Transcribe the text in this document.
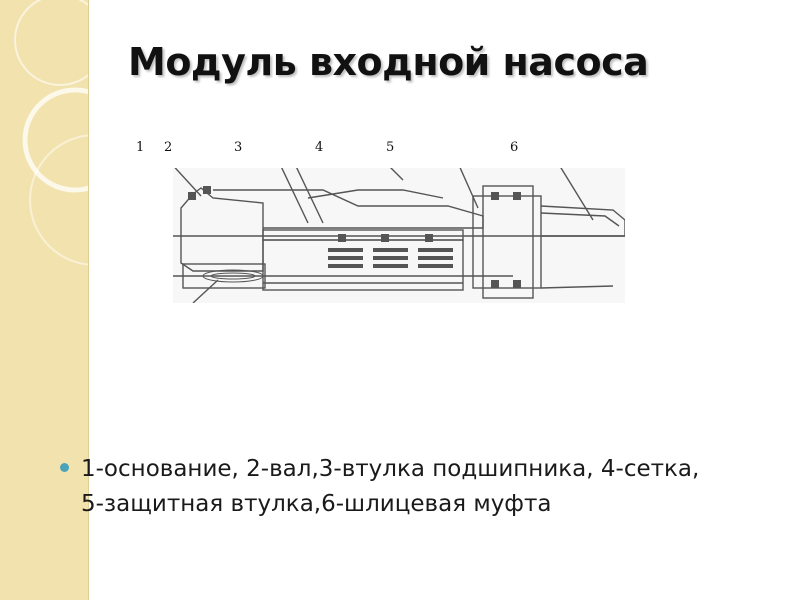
Модуль входной насоса
1 2	3	4	5	6
1-основание, 2-вал,3-втулка подшипника, 4-сетка, 5-защитная втулка,6-шлицевая муфта
